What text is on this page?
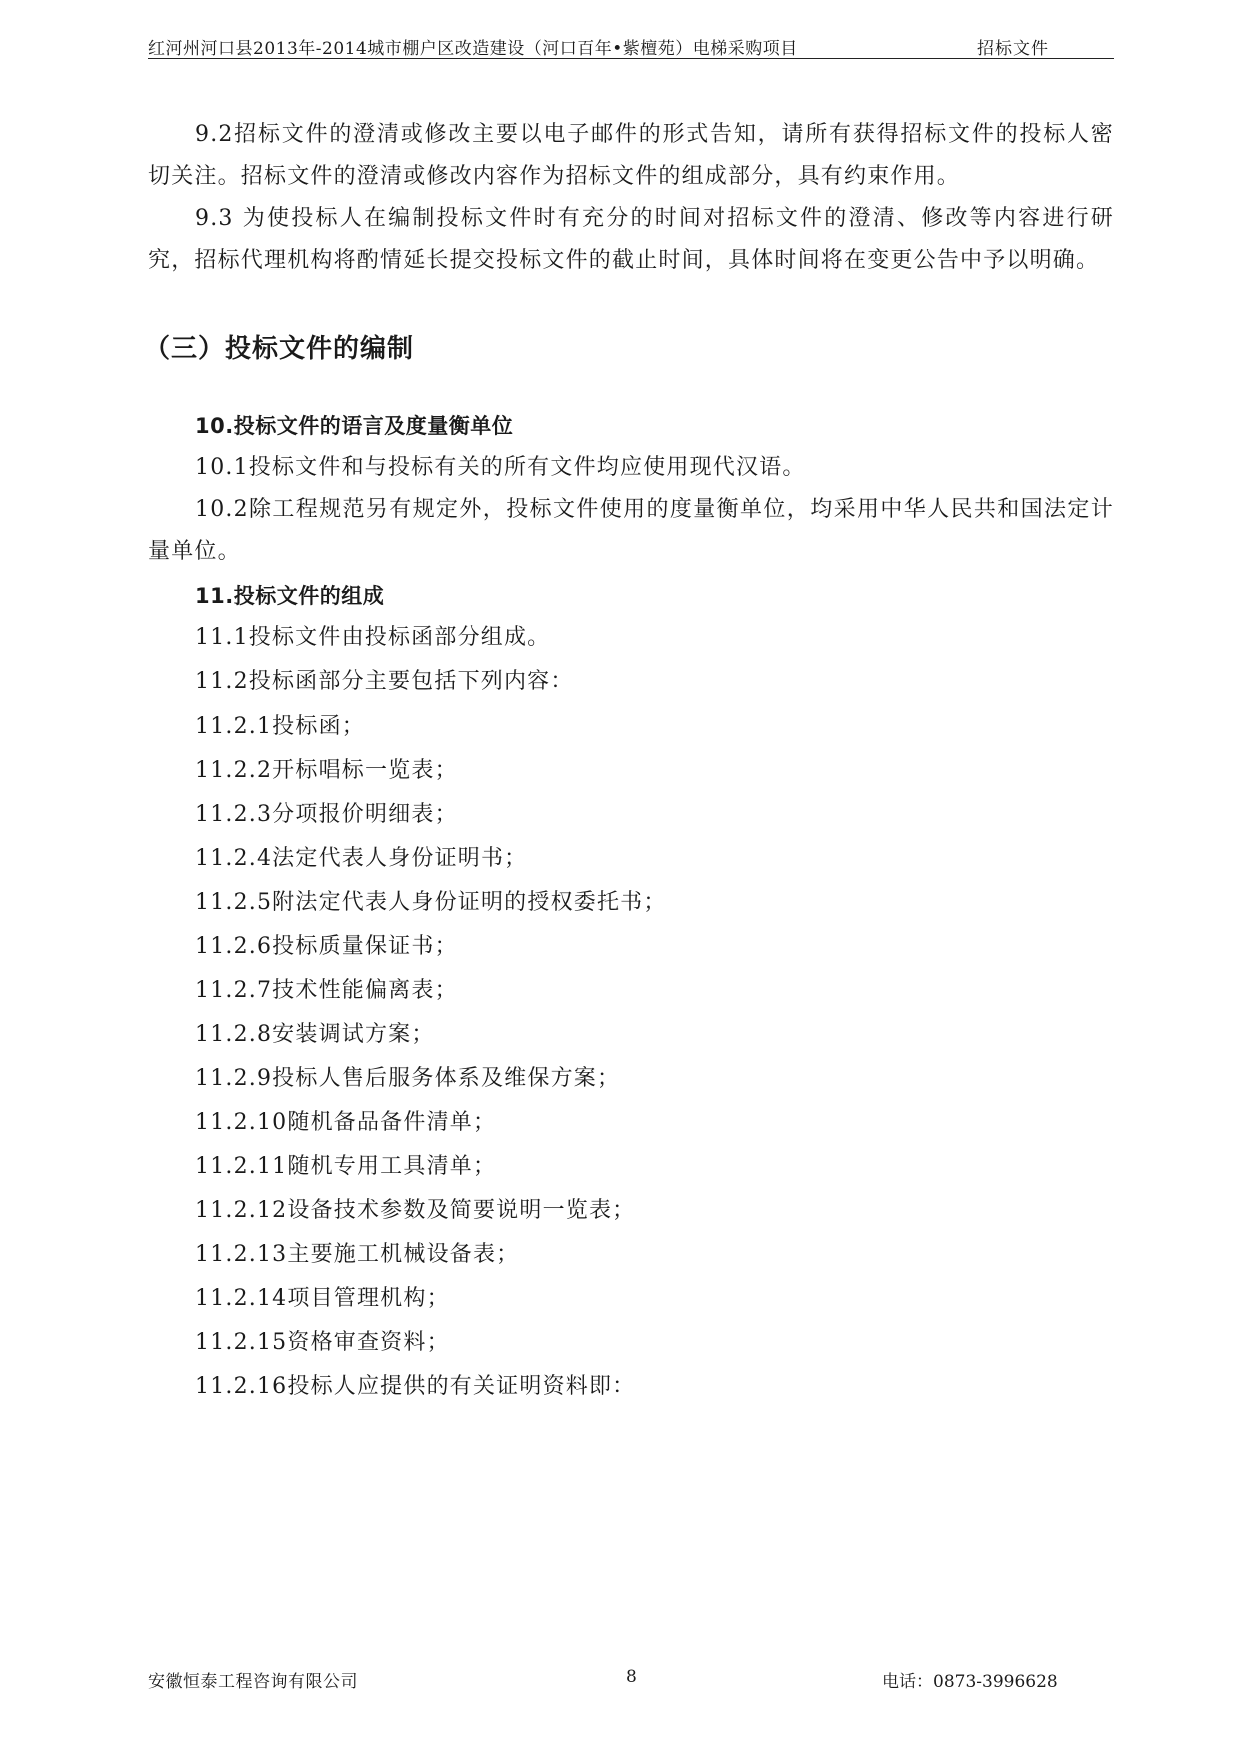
红河州河口县2013年-2014城市棚户区改造建设（河口百年•紫檀苑）电梯采购项目	招标文件

9.2招标文件的澄清或修改主要以电子邮件的形式告知，请所有获得招标文件的投标人密切关注。招标文件的澄清或修改内容作为招标文件的组成部分，具有约束作用。

9.3 为使投标人在编制投标文件时有充分的时间对招标文件的澄清、修改等内容进行研究，招标代理机构将酌情延长提交投标文件的截止时间，具体时间将在变更公告中予以明确。

（三）投标文件的编制

10.投标文件的语言及度量衡单位

10.1投标文件和与投标有关的所有文件均应使用现代汉语。

10.2除工程规范另有规定外，投标文件使用的度量衡单位，均采用中华人民共和国法定计量单位。

11.投标文件的组成

11.1投标文件由投标函部分组成。

11.2投标函部分主要包括下列内容：

11.2.1投标函；

11.2.2开标唱标一览表；

11.2.3分项报价明细表；

11.2.4法定代表人身份证明书；

11.2.5附法定代表人身份证明的授权委托书；

11.2.6投标质量保证书；

11.2.7技术性能偏离表；

11.2.8安装调试方案；

11.2.9投标人售后服务体系及维保方案；

11.2.10随机备品备件清单；

11.2.11随机专用工具清单；

11.2.12设备技术参数及简要说明一览表；

11.2.13主要施工机械设备表；

11.2.14项目管理机构；

11.2.15资格审查资料；

11.2.16投标人应提供的有关证明资料即：

安徽恒泰工程咨询有限公司	8	电话：0873-3996628
